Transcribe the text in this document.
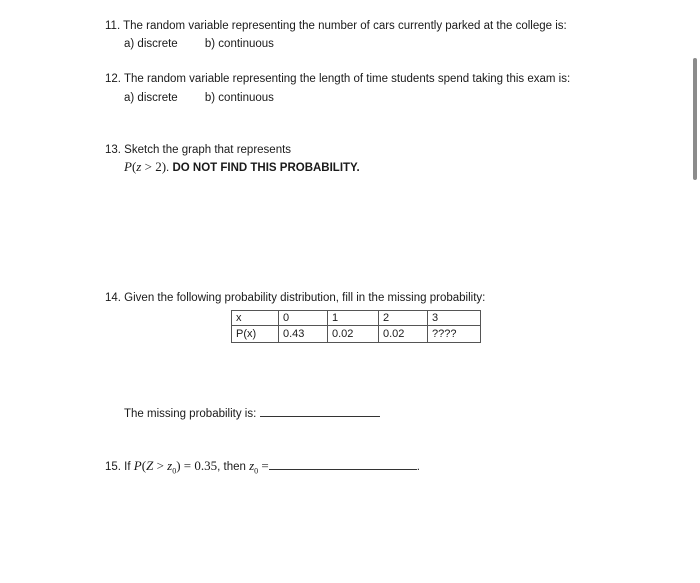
11. The random variable representing the number of cars currently parked at the college is:
a) discrete b) continuous
12. The random variable representing the length of time students spend taking this exam is:
a) discrete b) continuous
13. Sketch the graph that represents
P(z > 2). DO NOT FIND THIS PROBABILITY.
14. Given the following probability distribution, fill in the missing probability:
x	0	1	2	3
P(x)	0.43	0.02	0.02	????
The missing probability is:
15. If $P(Z > z_0) = 0.35$, then $z_0$ =	.
